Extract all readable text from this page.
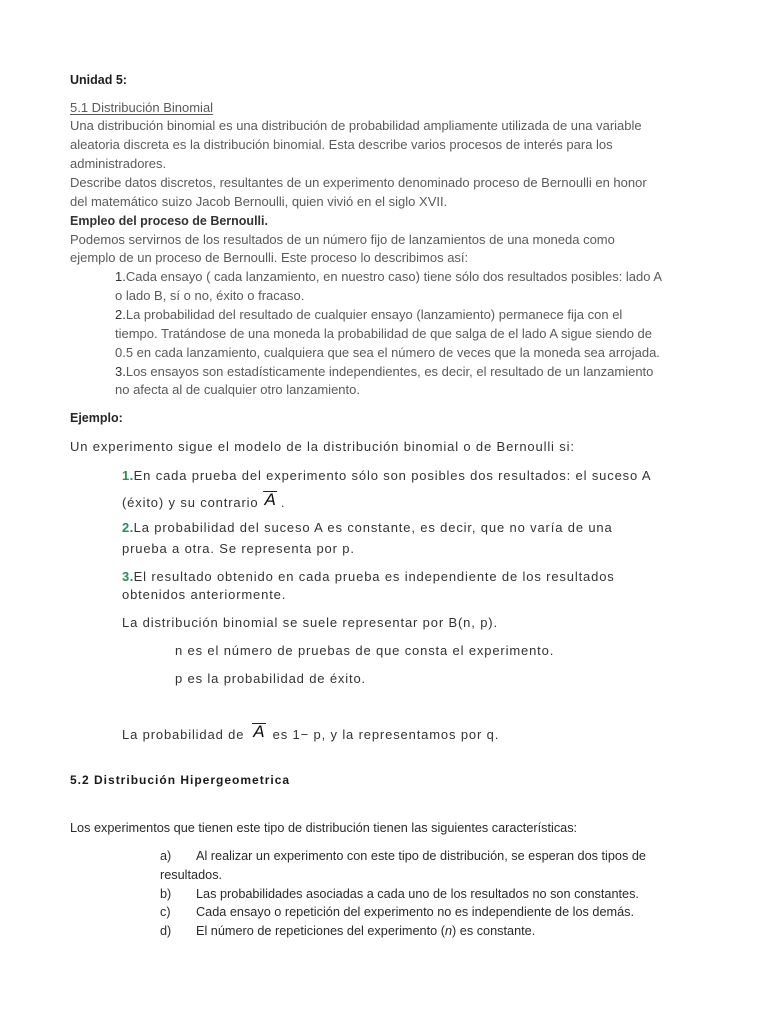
Unidad 5:
5.1 Distribución Binomial
Una distribución binomial es una distribución de probabilidad ampliamente utilizada de una variable
aleatoria discreta es la distribución binomial. Esta describe varios procesos de interés para los
administradores.
Describe datos discretos, resultantes de un experimento denominado proceso de Bernoulli en honor
del matemático suizo Jacob Bernoulli, quien vivió en el siglo XVII.
Empleo del proceso de Bernoulli.
Podemos servirnos de los resultados de un número fijo de lanzamientos de una moneda como
ejemplo de un proceso de Bernoulli. Este proceso lo describimos así:
1.Cada ensayo ( cada lanzamiento, en nuestro caso) tiene sólo dos resultados posibles: lado A
o lado B, sí o no, éxito o fracaso.
2.La probabilidad del resultado de cualquier ensayo (lanzamiento) permanece fija con el
tiempo. Tratándose de una moneda la probabilidad de que salga de el lado A sigue siendo de
0.5 en cada lanzamiento, cualquiera que sea el número de veces que la moneda sea arrojada.
3.Los ensayos son estadísticamente independientes, es decir, el resultado de un lanzamiento
no afecta al de cualquier otro lanzamiento.
Ejemplo:
Un experimento sigue el modelo de la distribución binomial o de Bernoulli si:
1.En cada prueba del experimento sólo son posibles dos resultados: el suceso A
(éxito) y su contrario A .
2.La probabilidad del suceso A es constante, es decir, que no varía de una
prueba a otra. Se representa por p.
3.El resultado obtenido en cada prueba es independiente de los resultados
obtenidos anteriormente.
La distribución binomial se suele representar por B(n, p).
n es el número de pruebas de que consta el experimento.
p es la probabilidad de éxito.
La probabilidad de A es 1− p, y la representamos por q.
5.2 Distribución Hipergeometrica
Los experimentos que tienen este tipo de distribución tienen las siguientes características:
a) Al realizar un experimento con este tipo de distribución, se esperan dos tipos de
resultados.
b) Las probabilidades asociadas a cada uno de los resultados no son constantes.
c) Cada ensayo o repetición del experimento no es independiente de los demás.
d) El número de repeticiones del experimento (n) es constante.
